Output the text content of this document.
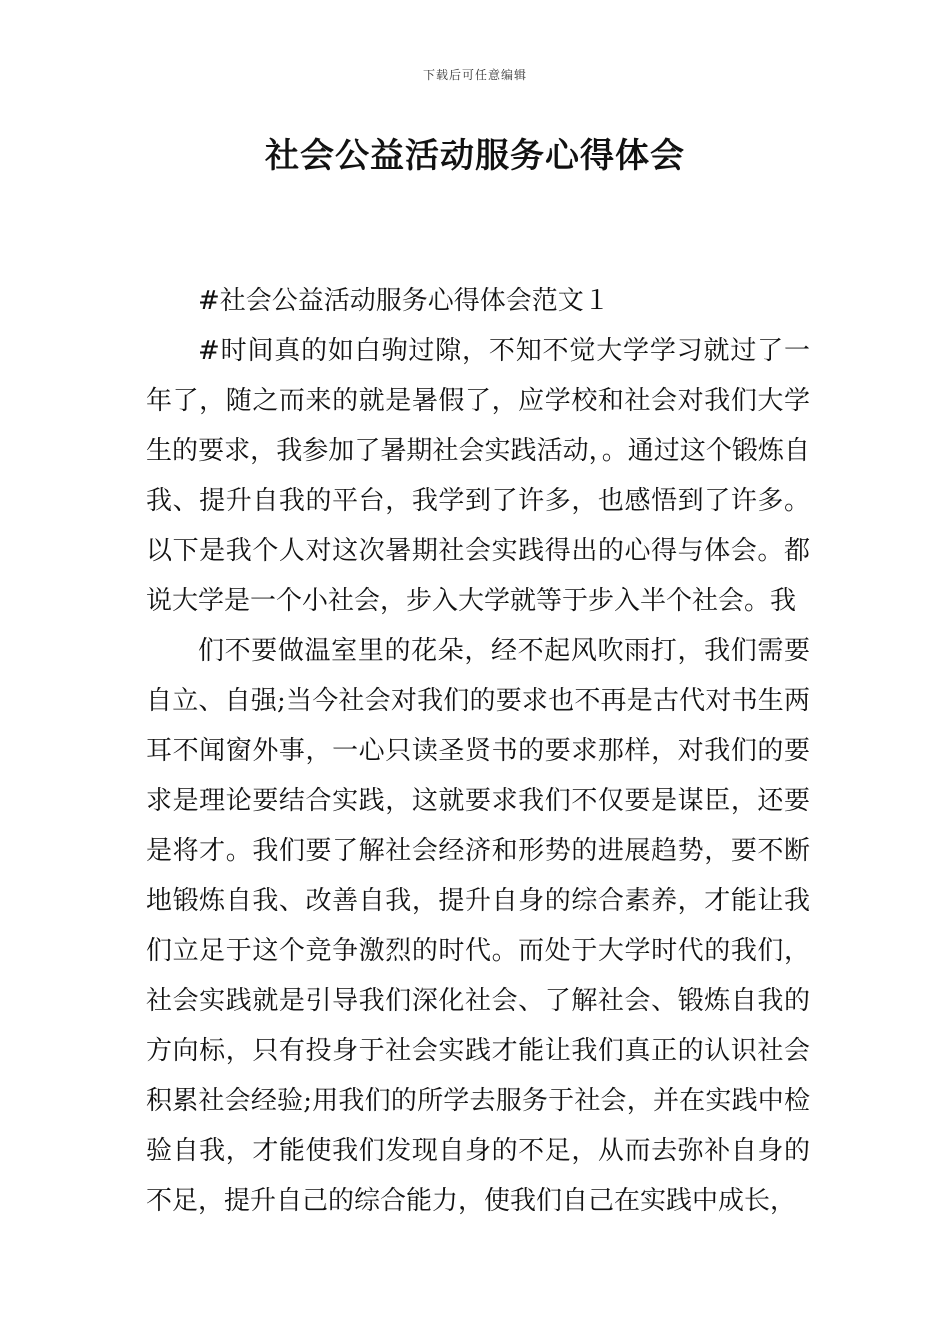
下载后可任意编辑
社会公益活动服务心得体会

#社会公益活动服务心得体会范文１

#时间真的如白驹过隙，不知不觉大学学习就过了一年了，随之而来的就是暑假了，应学校和社会对我们大学生的要求，我参加了暑期社会实践活动，。通过这个锻炼自我、提升自我的平台，我学到了许多，也感悟到了许多。以下是我个人对这次暑期社会实践得出的心得与体会。都说大学是一个小社会，步入大学就等于步入半个社会。我

们不要做温室里的花朵，经不起风吹雨打，我们需要自立、自强;当今社会对我们的要求也不再是古代对书生两耳不闻窗外事，一心只读圣贤书的要求那样，对我们的要求是理论要结合实践，这就要求我们不仅要是谋臣，还要是将才。我们要了解社会经济和形势的进展趋势，要不断地锻炼自我、改善自我，提升自身的综合素养，才能让我们立足于这个竞争激烈的时代。而处于大学时代的我们，社会实践就是引导我们深化社会、了解社会、锻炼自我的方向标，只有投身于社会实践才能让我们真正的认识社会积累社会经验;用我们的所学去服务于社会，并在实践中检验自我，才能使我们发现自身的不足，从而去弥补自身的不足，提升自己的综合能力，使我们自己在实践中成长，
